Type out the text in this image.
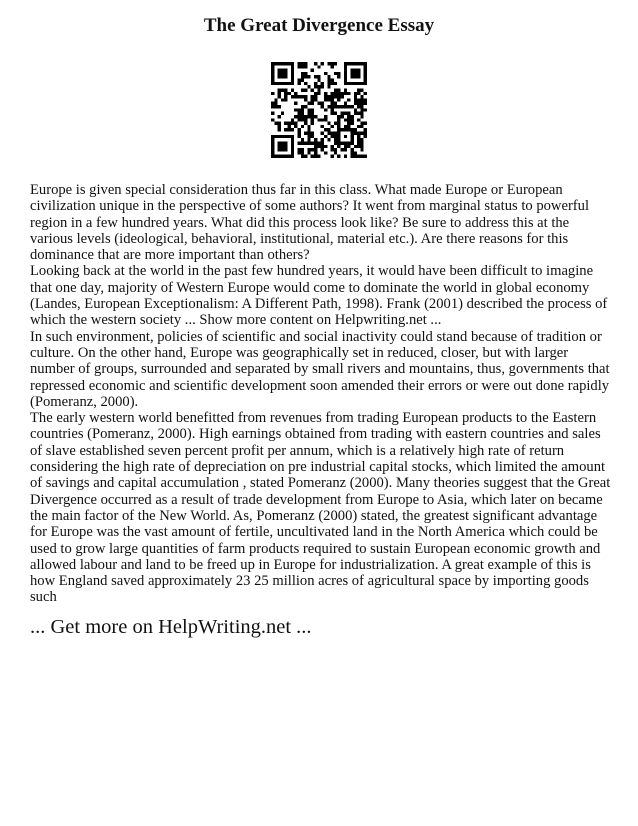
The Great Divergence Essay

Europe is given special consideration thus far in this class. What made Europe or European civilization unique in the perspective of some authors? It went from marginal status to powerful region in a few hundred years. What did this process look like? Be sure to address this at the various levels (ideological, behavioral, institutional, material etc.). Are there reasons for this dominance that are more important than others?

Looking back at the world in the past few hundred years, it would have been difficult to imagine that one day, majority of Western Europe would come to dominate the world in global economy (Landes, European Exceptionalism: A Different Path, 1998). Frank (2001) described the process of which the western society ... Show more content on Helpwriting.net ...

In such environment, policies of scientific and social inactivity could stand because of tradition or culture. On the other hand, Europe was geographically set in reduced, closer, but with larger number of groups, surrounded and separated by small rivers and mountains, thus, governments that repressed economic and scientific development soon amended their errors or were out done rapidly (Pomeranz, 2000).

The early western world benefitted from revenues from trading European products to the Eastern countries (Pomeranz, 2000). High earnings obtained from trading with eastern countries and sales of slave established seven percent profit per annum, which is a relatively high rate of return considering the high rate of depreciation on pre industrial capital stocks, which limited the amount of savings and capital accumulation , stated Pomeranz (2000). Many theories suggest that the Great Divergence occurred as a result of trade development from Europe to Asia, which later on became the main factor of the New World. As, Pomeranz (2000) stated, the greatest significant advantage for Europe was the vast amount of fertile, uncultivated land in the North America which could be used to grow large quantities of farm products required to sustain European economic growth and allowed labour and land to be freed up in Europe for industrialization. A great example of this is how England saved approximately 23 25 million acres of agricultural space by importing goods such

... Get more on HelpWriting.net ...
